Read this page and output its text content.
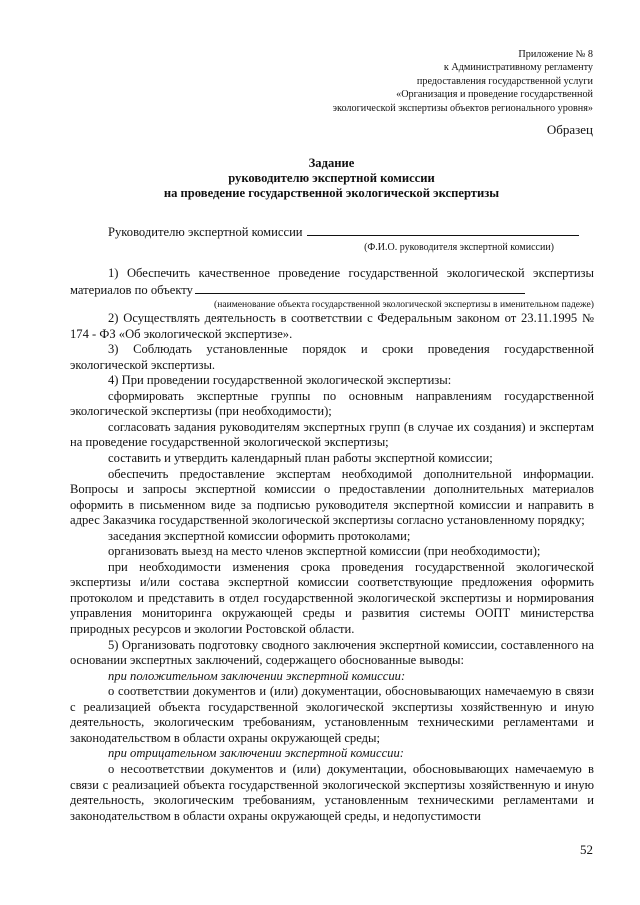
Приложение № 8
к Административному регламенту
предоставления государственной услуги
«Организация и проведение государственной
экологической экспертизы объектов регионального уровня»
Образец
Задание
руководителю экспертной комиссии
на проведение государственной экологической экспертизы
Руководителю экспертной комиссии
(Ф.И.О. руководителя экспертной комиссии)

1) Обеспечить качественное проведение государственной экологической экспертизы материалов по объекту

(наименование объекта государственной экологической экспертизы в именительном падеже)

2) Осуществлять деятельность в соответствии с Федеральным законом от 23.11.1995 № 174 - ФЗ «Об экологической экспертизе».

3) Соблюдать установленные порядок и сроки проведения государственной экологической экспертизы.

4) При проведении государственной экологической экспертизы:

сформировать экспертные группы по основным направлениям государственной экологической экспертизы (при необходимости);

согласовать задания руководителям экспертных групп (в случае их создания) и экспертам на проведение государственной экологической экспертизы;

составить и утвердить календарный план работы экспертной комиссии;

обеспечить предоставление экспертам необходимой дополнительной информации. Вопросы и запросы экспертной комиссии о предоставлении дополнительных материалов оформить в письменном виде за подписью руководителя экспертной комиссии и направить в адрес Заказчика государственной экологической экспертизы согласно установленному порядку;

заседания экспертной комиссии оформить протоколами;

организовать выезд на место членов экспертной комиссии (при необходимости);

при необходимости изменения срока проведения государственной экологической экспертизы и/или состава экспертной комиссии соответствующие предложения оформить протоколом и представить в отдел государственной экологической экспертизы и нормирования управления мониторинга окружающей среды и развития системы ООПТ министерства природных ресурсов и экологии Ростовской области.

5) Организовать подготовку сводного заключения экспертной комиссии, составленного на основании экспертных заключений, содержащего обоснованные выводы:

при положительном заключении экспертной комиссии:

о соответствии документов и (или) документации, обосновывающих намечаемую в связи с реализацией объекта государственной экологической экспертизы хозяйственную и иную деятельность, экологическим требованиям, установленным техническими регламентами и законодательством в области охраны окружающей среды;

при отрицательном заключении экспертной комиссии:

о несоответствии документов и (или) документации, обосновывающих намечаемую в связи с реализацией объекта государственной экологической экспертизы хозяйственную и иную деятельность, экологическим требованиям, установленным техническими регламентами и законодательством в области охраны окружающей среды, и недопустимости

52
